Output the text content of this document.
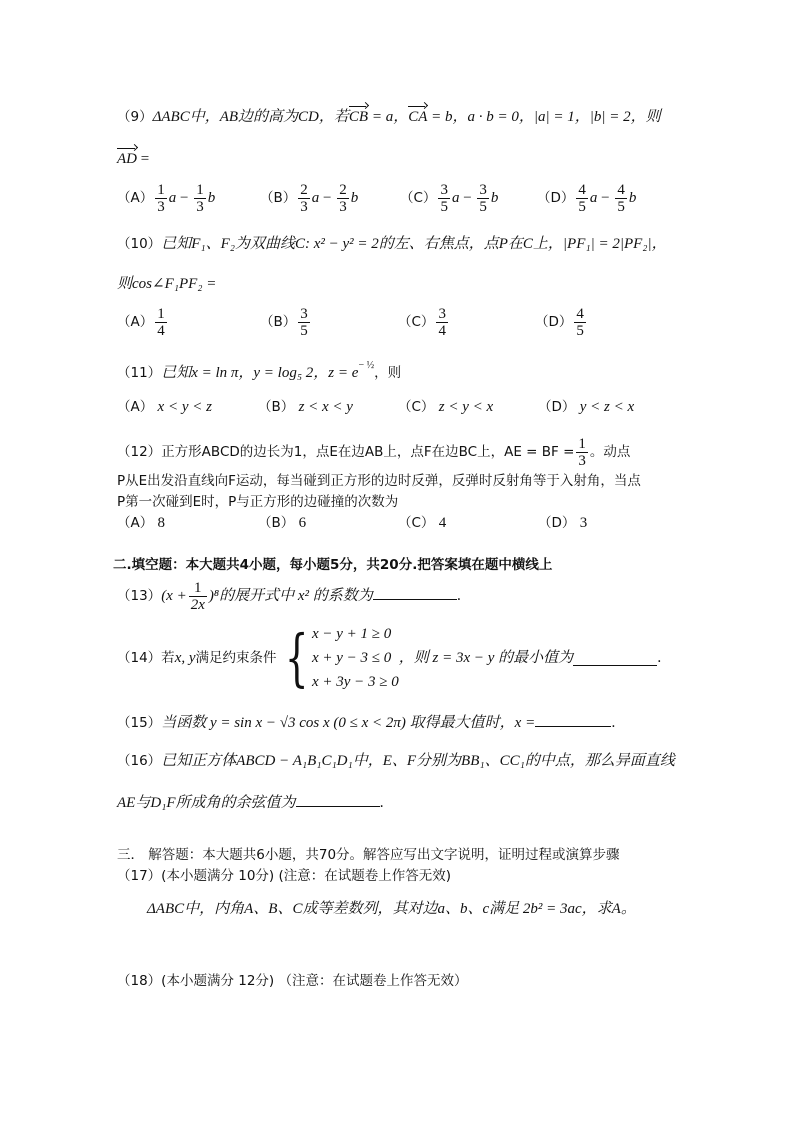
（9）ΔABC中，AB边的高为CD，若CB = a，CA = b，a · b = 0，|a| = 1，|b| = 2，则
AD =
$(A) \frac{1}{3}$ $a - \frac{1}{3}$ b	$(B) \frac{2}{3}$ $a - \frac{2}{3}$ b	$(C) \frac{3}{5}$ $a - \frac{3}{5}$ b	$(D) \frac{4}{5}$ $a - \frac{4}{5}$ b
（10）已知F₁、F₂为双曲线C: x² − y² = 2的左、右焦点，点P在C上，|PF₁| = 2|PF₂|，
则cos∠F₁PF₂ =
$(A) \frac{1}{4}$	$(B) \frac{3}{5}$	$(C) \frac{3}{4}$	$(D) \frac{4}{5}$
（11）已知x = ln π，y = log₅ 2，$z = e^{- \frac{1}{2}}$，则
（A） x < y < z	（B） z < x < y	（C） z < y < x	（D） y < z < x
（12）正方形ABCD的边长为1，点E在边AB上，点F在边BC上，AE = BF = $\frac{1}{3}$ 。动点
P从E出发沿直线向F运动，每当碰到正方形的边时反弹，反弹时反射角等于入射角，当点
P第一次碰到E时，P与正方形的边碰撞的次数为
（A） 8	（B） 6	（C） 4	（D） 3
二.填空题：本大题共4小题，每小题5分，共20分.把答案填在题中横线上
$(13)(x + \frac{1}{2x} )^8$的展开式中 x² 的系数为	.
（14）若x, y满足约束条件 { x − y + 1 ≥ 0
x + y − 3 ≤ 0
x + 3y − 3 ≥ 0
，则 z = 3x − y 的最小值为	.
（15）当函数 y = sin x − √3 cos x (0 ≤ x < 2π) 取得最大值时，x =	.
（16）已知正方体ABCD − A₁B₁C₁D₁中，E、F分别为BB₁、CC₁的中点，那么异面直线
AE与D₁F所成角的余弦值为	.
三． 解答题：本大题共6小题，共70分。解答应写出文字说明，证明过程或演算步骤
（17）(本小题满分 10分) (注意：在试题卷上作答无效)
ΔABC中，内角A、B、C成等差数列，其对边a、b、c满足 2b² = 3ac，求A。
（18）(本小题满分 12分) （注意：在试题卷上作答无效）
